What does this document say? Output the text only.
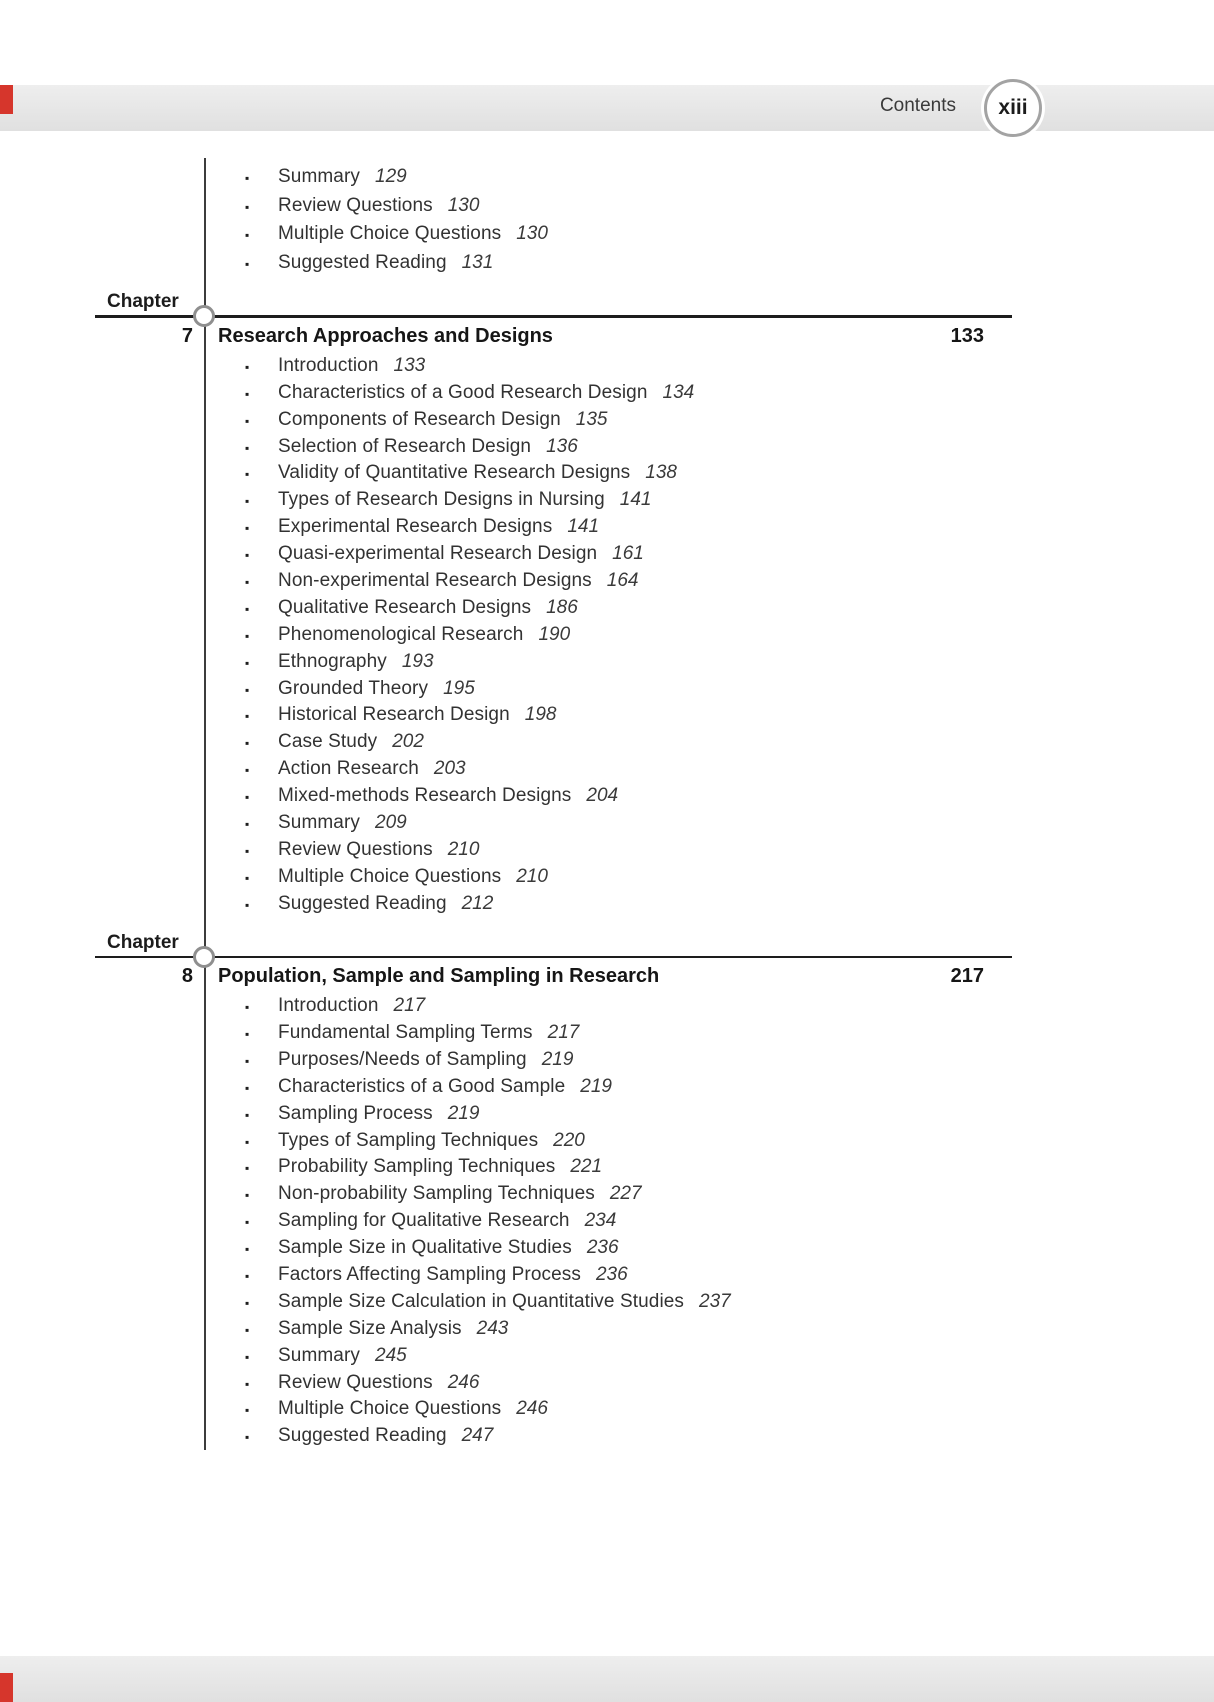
Contents xiii
▪	Summary 129
▪	Review Questions 130
▪	Multiple Choice Questions 130
▪	Suggested Reading 131
Chapter
7 Research Approaches and Designs	133
▪	Introduction 133
▪	Characteristics of a Good Research Design 134
▪	Components of Research Design 135
▪	Selection of Research Design 136
▪	Validity of Quantitative Research Designs 138
▪	Types of Research Designs in Nursing 141
▪	Experimental Research Designs 141
▪	Quasi-experimental Research Design 161
▪	Non-experimental Research Designs 164
▪	Qualitative Research Designs 186
▪	Phenomenological Research 190
▪	Ethnography 193
▪	Grounded Theory 195
▪	Historical Research Design 198
▪	Case Study 202
▪	Action Research 203
▪	Mixed-methods Research Designs 204
▪	Summary 209
▪	Review Questions 210
▪	Multiple Choice Questions 210
▪	Suggested Reading 212
Chapter
8 Population, Sample and Sampling in Research	217
▪	Introduction 217
▪	Fundamental Sampling Terms 217
▪	Purposes/Needs of Sampling 219
▪	Characteristics of a Good Sample 219
▪	Sampling Process 219
▪	Types of Sampling Techniques 220
▪	Probability Sampling Techniques 221
▪	Non-probability Sampling Techniques 227
▪	Sampling for Qualitative Research 234
▪	Sample Size in Qualitative Studies 236
▪	Factors Affecting Sampling Process 236
▪	Sample Size Calculation in Quantitative Studies 237
▪	Sample Size Analysis 243
▪	Summary 245
▪	Review Questions 246
▪	Multiple Choice Questions 246
▪	Suggested Reading 247
